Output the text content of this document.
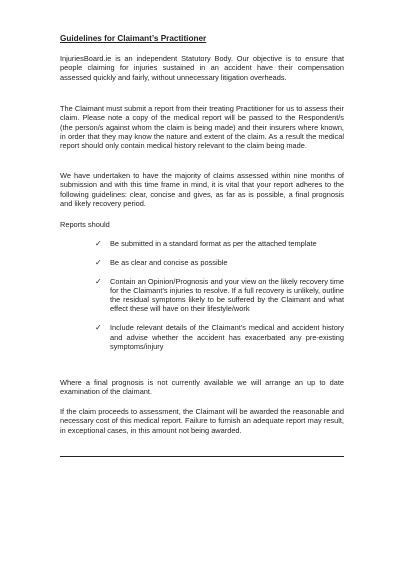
Guidelines for Claimant’s Practitioner

InjuriesBoard.ie is an independent Statutory Body. Our objective is to ensure that people claiming for injuries sustained in an accident have their compensation assessed quickly and fairly, without unnecessary litigation overheads.

The Claimant must submit a report from their treating Practitioner for us to assess their claim. Please note a copy of the medical report will be passed to the Respondent/s (the person/s against whom the claim is being made) and their insurers where known, in order that they may know the nature and extent of the claim. As a result the medical report should only contain medical history relevant to the claim being made.

We have undertaken to have the majority of claims assessed within nine months of submission and with this time frame in mind, it is vital that your report adheres to the following guidelines: clear, concise and gives, as far as is possible, a final prognosis and likely recovery period.

Reports should

✓ Be submitted in a standard format as per the attached template
✓ Be as clear and concise as possible
✓ Contain an Opinion/Prognosis and your view on the likely recovery time for the Claimant’s injuries to resolve. If a full recovery is unlikely, outline the residual symptoms likely to be suffered by the Claimant and what effect these will have on their lifestyle/work
✓ Include relevant details of the Claimant’s medical and accident history and advise whether the accident has exacerbated any pre-existing symptoms/injury

Where a final prognosis is not currently available we will arrange an up to date examination of the claimant.

If the claim proceeds to assessment, the Claimant will be awarded the reasonable and necessary cost of this medical report. Failure to furnish an adequate report may result, in exceptional cases, in this amount not being awarded.
